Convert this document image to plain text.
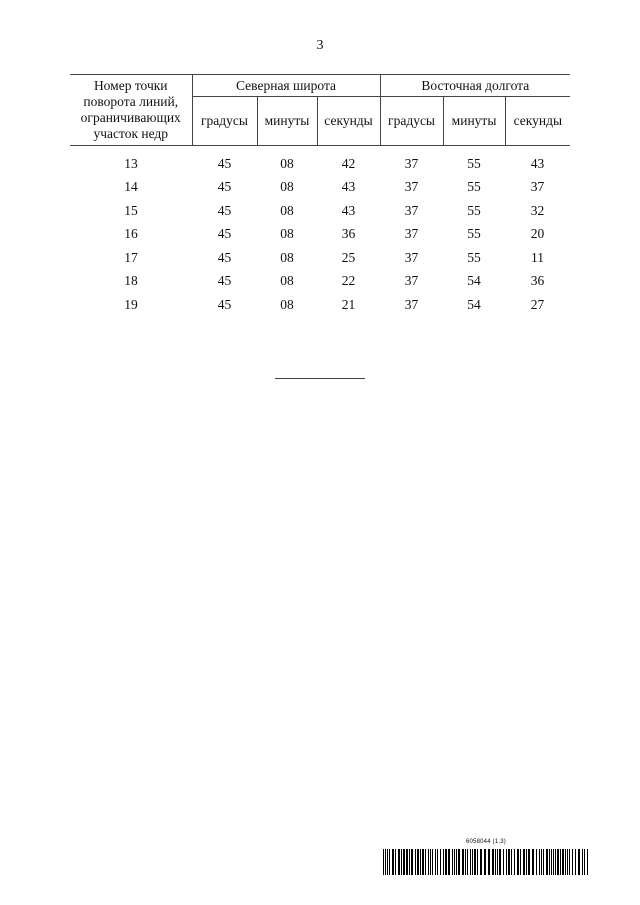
3
Номер точки поворота линий, ограничивающих участок недр	Северная широта			Восточная долгота		
	градусы	минуты	секунды	градусы	минуты	секунды
13	45	08	42	37	55	43
14	45	08	43	37	55	37
15	45	08	43	37	55	32
16	45	08	36	37	55	20
17	45	08	25	37	55	11
18	45	08	22	37	54	36
19	45	08	21	37	54	27
6058044 (1.3)
